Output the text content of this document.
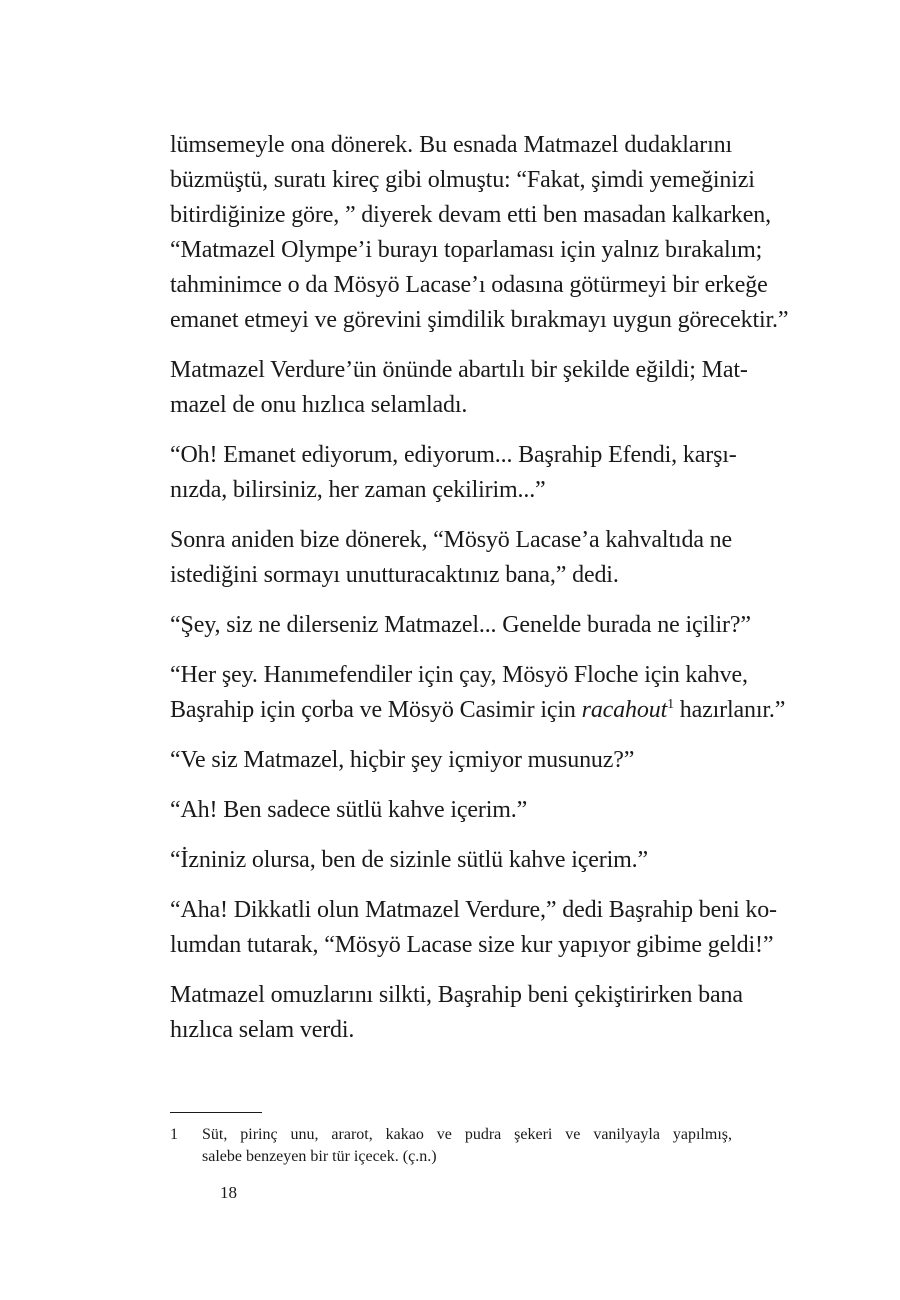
lümsemeyle ona dönerek. Bu esnada Matmazel dudaklarını
büzmüştü, suratı kireç gibi olmuştu: “Fakat, şimdi yemeğinizi
bitirdiğinize göre, ” diyerek devam etti ben masadan kalkarken,
“Matmazel Olympe’i burayı toparlaması için yalnız bırakalım;
tahminimce o da Mösyö Lacase’ı odasına götürmeyi bir erkeğe
emanet etmeyi ve görevini şimdilik bırakmayı uygun görecektir.”

Matmazel Verdure’ün önünde abartılı bir şekilde eğildi; Mat-
mazel de onu hızlıca selamladı.

“Oh! Emanet ediyorum, ediyorum... Başrahip Efendi, karşı-
nızda, bilirsiniz, her zaman çekilirim...”

Sonra aniden bize dönerek, “Mösyö Lacase’a kahvaltıda ne
istediğini sormayı unutturacaktınız bana,” dedi.

“Şey, siz ne dilerseniz Matmazel... Genelde burada ne içilir?”

“Her şey. Hanımefendiler için çay, Mösyö Floche için kahve,
Başrahip için çorba ve Mösyö Casimir için racahout$^1$ hazırlanır.”

“Ve siz Matmazel, hiçbir şey içmiyor musunuz?”

“Ah! Ben sadece sütlü kahve içerim.”

“İzniniz olursa, ben de sizinle sütlü kahve içerim.”

“Aha! Dikkatli olun Matmazel Verdure,” dedi Başrahip beni ko-
lumdan tutarak, “Mösyö Lacase size kur yapıyor gibime geldi!”

Matmazel omuzlarını silkti, Başrahip beni çekiştirirken bana
hızlıca selam verdi.

1 Süt, pirinç unu, ararot, kakao ve pudra şekeri ve vanilyayla yapılmış,
salebe benzeyen bir tür içecek. (ç.n.)
18
